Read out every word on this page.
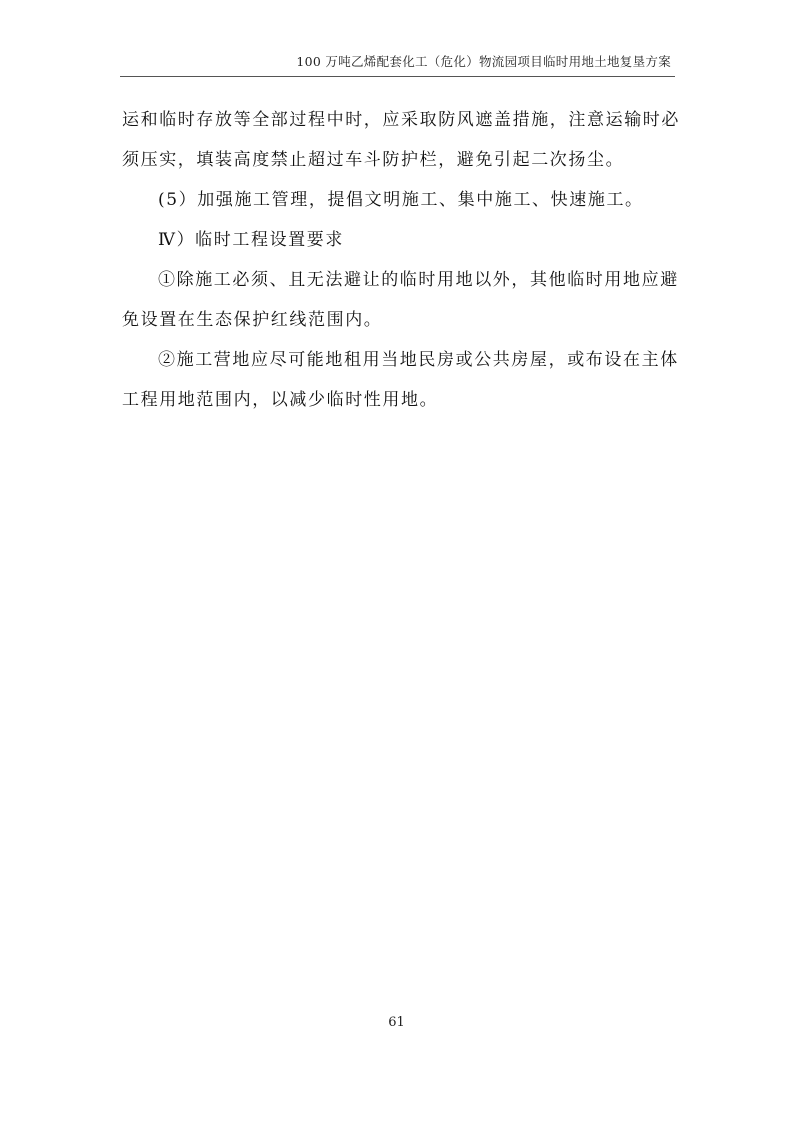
100 万吨乙烯配套化工（危化）物流园项目临时用地土地复垦方案

运和临时存放等全部过程中时，应采取防风遮盖措施，注意运输时必
须压实，填装高度禁止超过车斗防护栏，避免引起二次扬尘。

(5）加强施工管理，提倡文明施工、集中施工、快速施工。

Ⅳ）临时工程设置要求

①除施工必须、且无法避让的临时用地以外，其他临时用地应避
免设置在生态保护红线范围内。

②施工营地应尽可能地租用当地民房或公共房屋，或布设在主体
工程用地范围内，以减少临时性用地。

61
